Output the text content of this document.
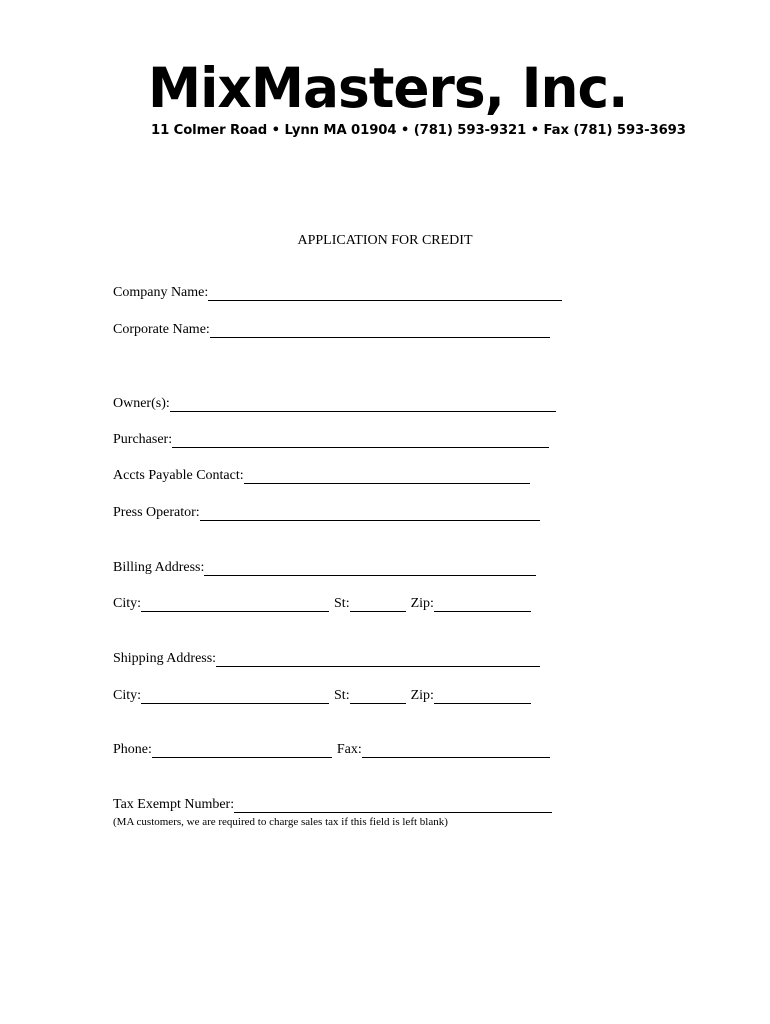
MixMasters, Inc.
11 Colmer Road • Lynn MA 01904 • (781) 593-9321 • Fax (781) 593-3693
APPLICATION FOR CREDIT
Company Name:
Corporate Name:
Owner(s):
Purchaser:
Accts Payable Contact:
Press Operator:
Billing Address:
City:	St:	Zip:
Shipping Address:
City:	St:	Zip:
Phone:	Fax:
Tax Exempt Number:
(MA customers, we are required to charge sales tax if this field is left blank)
